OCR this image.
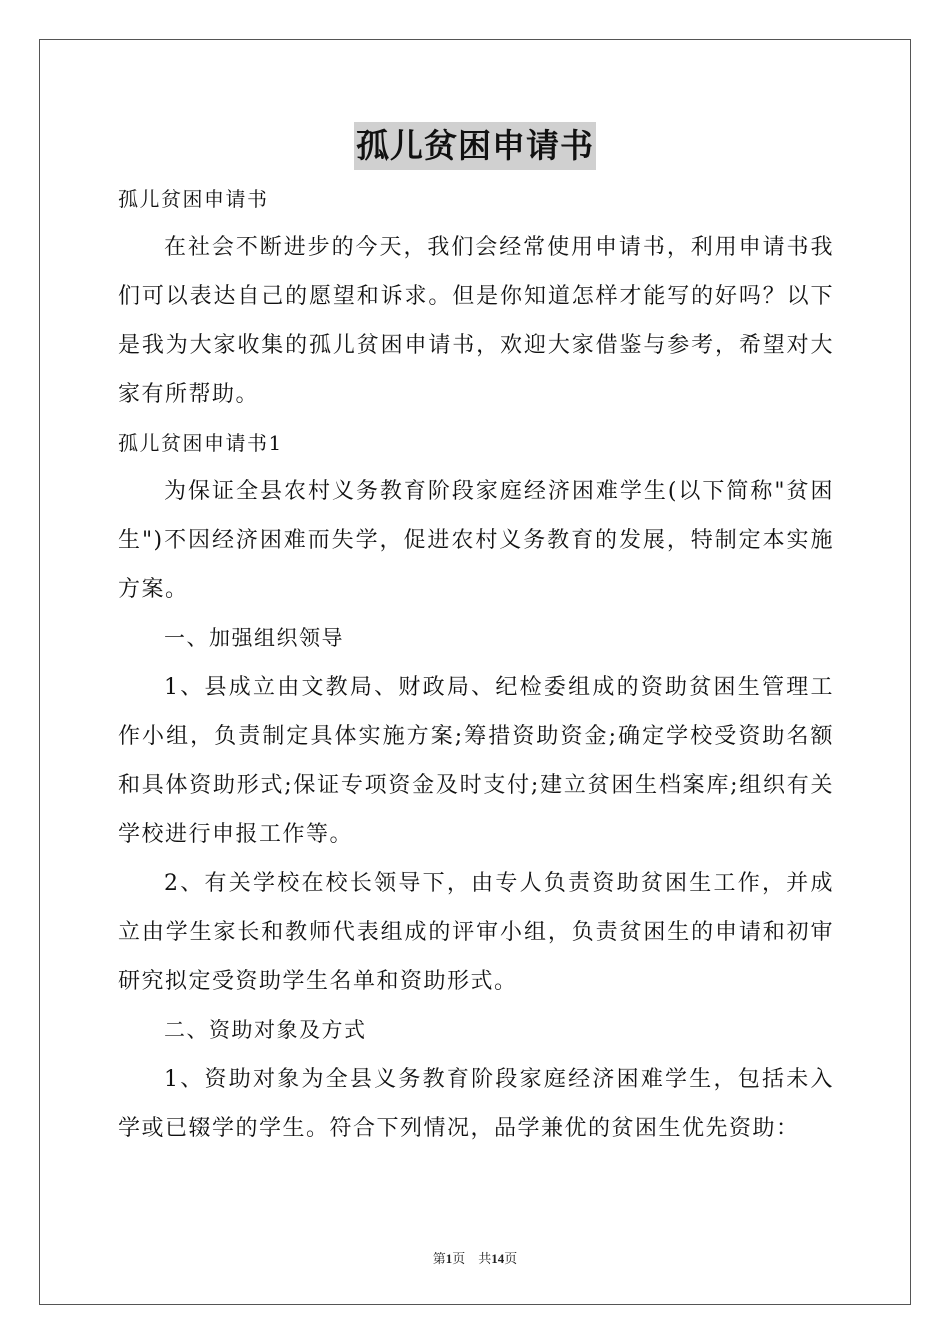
孤儿贫困申请书

孤儿贫困申请书

在社会不断进步的今天，我们会经常使用申请书，利用申请书我们可以表达自己的愿望和诉求。但是你知道怎样才能写的好吗？以下是我为大家收集的孤儿贫困申请书，欢迎大家借鉴与参考，希望对大家有所帮助。

孤儿贫困申请书1

为保证全县农村义务教育阶段家庭经济困难学生(以下简称"贫困生")不因经济困难而失学，促进农村义务教育的发展，特制定本实施方案。

一、加强组织领导

1、县成立由文教局、财政局、纪检委组成的资助贫困生管理工作小组，负责制定具体实施方案;筹措资助资金;确定学校受资助名额和具体资助形式;保证专项资金及时支付;建立贫困生档案库;组织有关学校进行申报工作等。

2、有关学校在校长领导下，由专人负责资助贫困生工作，并成立由学生家长和教师代表组成的评审小组，负责贫困生的申请和初审研究拟定受资助学生名单和资助形式。

二、资助对象及方式

1、资助对象为全县义务教育阶段家庭经济困难学生，包括未入学或已辍学的学生。符合下列情况，品学兼优的贫困生优先资助：

第1页　共14页
